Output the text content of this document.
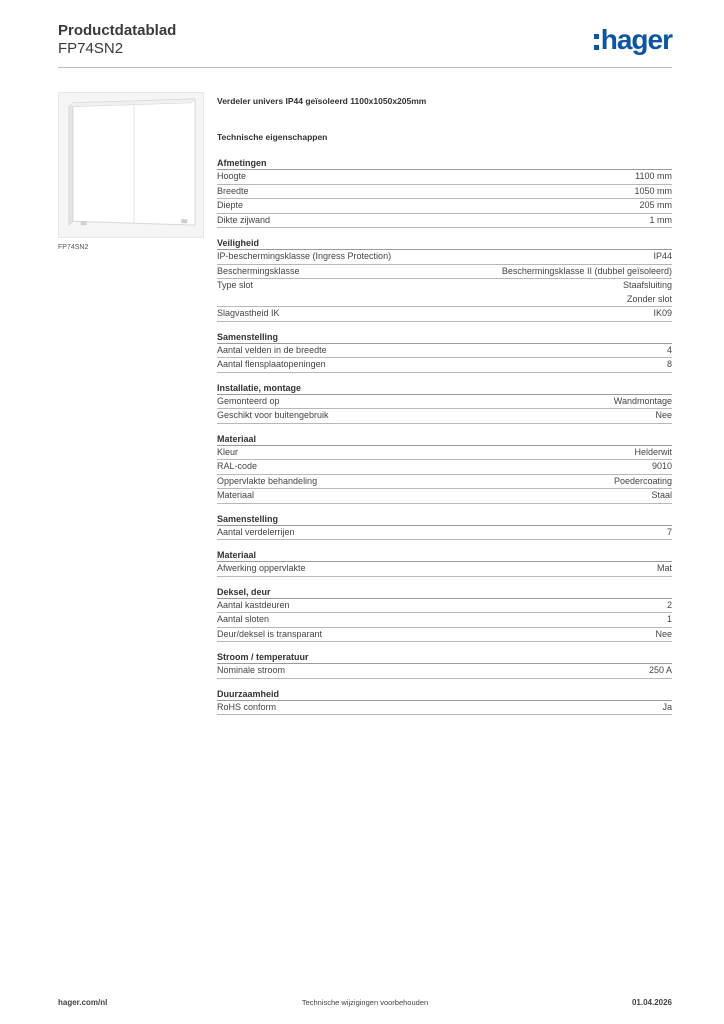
Productdatablad
FP74SN2	hager
FP74SN2
Verdeler univers IP44 geïsoleerd 1100x1050x205mm
Technische eigenschappen
Afmetingen
Hoogte	1100 mm
Breedte	1050 mm
Diepte	205 mm
Dikte zijwand	1 mm
Veiligheid
IP-beschermingsklasse (Ingress Protection)	IP44
Beschermingsklasse	Beschermingsklasse II (dubbel geïsoleerd)
Type slot	Staafsluiting
Zonder slot
Slagvastheid IK	IK09
Samenstelling
Aantal velden in de breedte	4
Aantal flensplaatopeningen	8
Installatie, montage
Gemonteerd op	Wandmontage
Geschikt voor buitengebruik	Nee
Materiaal
Kleur	Helderwit
RAL-code	9010
Oppervlakte behandeling	Poedercoating
Materiaal	Staal
Samenstelling
Aantal verdelerrijen	7
Materiaal
Afwerking oppervlakte	Mat
Deksel, deur
Aantal kastdeuren	2
Aantal sloten	1
Deur/deksel is transparant	Nee
Stroom / temperatuur
Nominale stroom	250 A
Duurzaamheid
RoHS conform	Ja
hager.com/nl	Technische wijzigingen voorbehouden	01.04.2026
